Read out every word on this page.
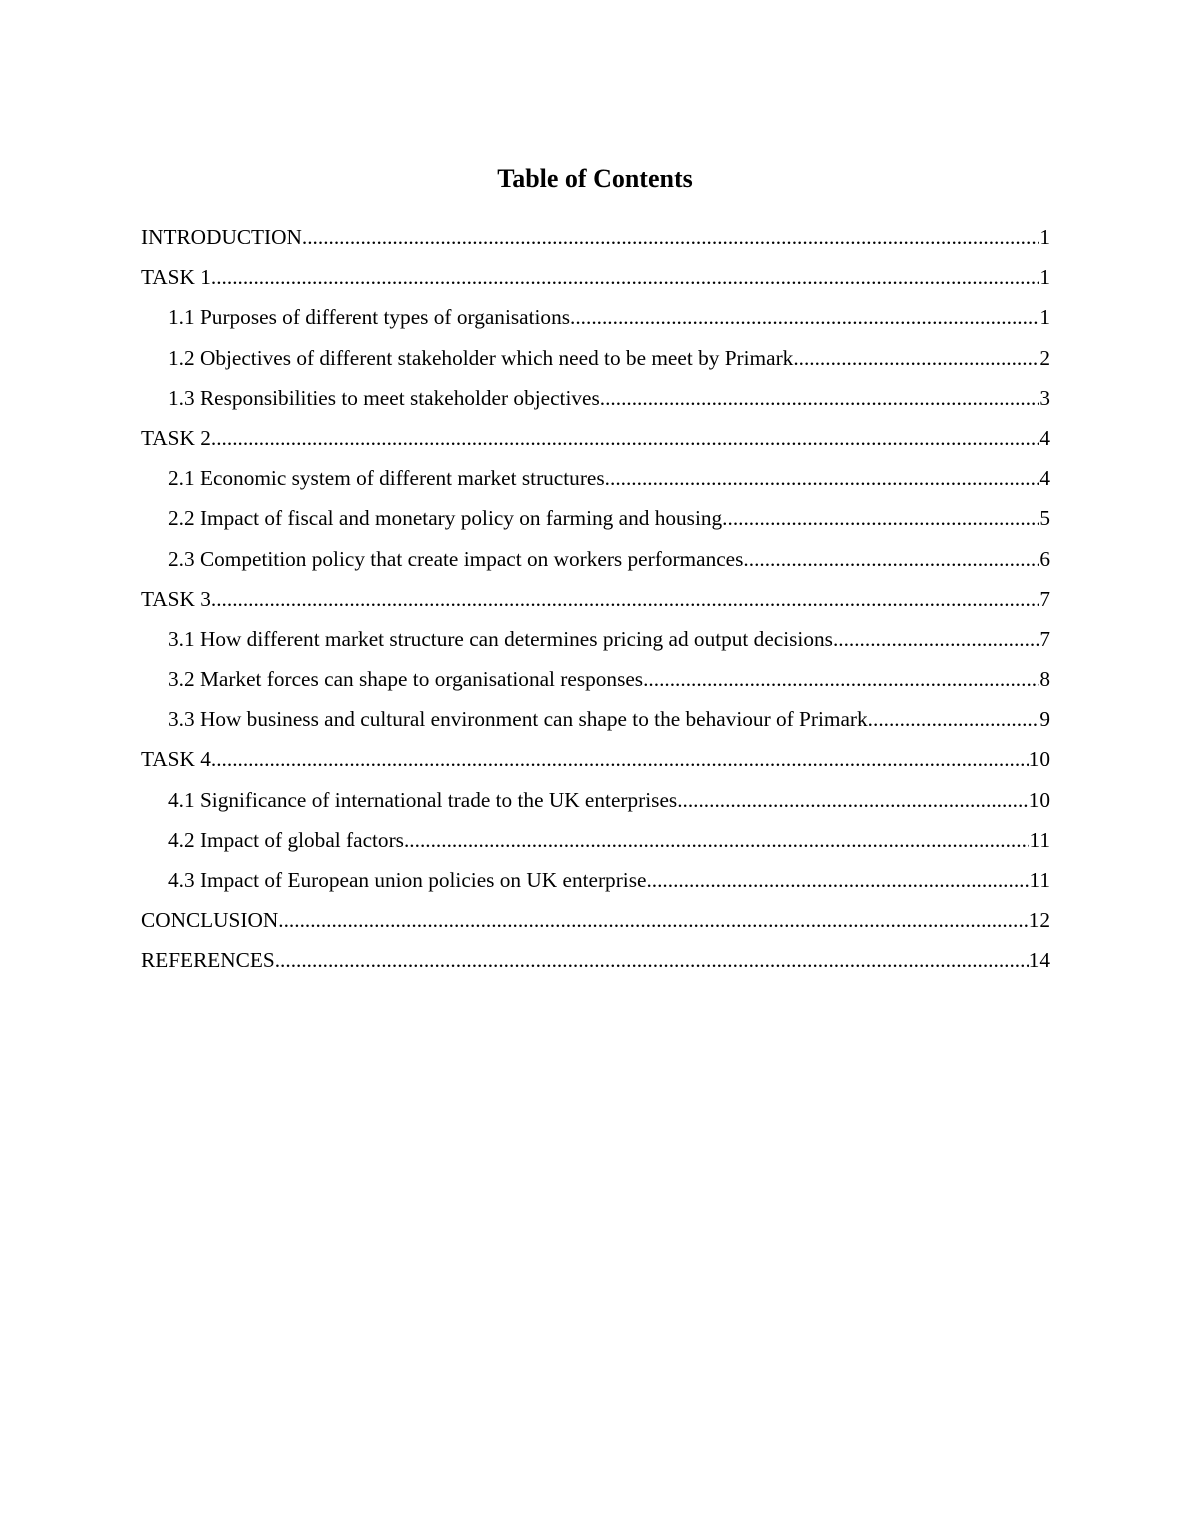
Table of Contents
INTRODUCTION .....	1
TASK 1 .....	1
1.1 Purposes of different types of organisations .....	1
1.2 Objectives of different stakeholder which need to be meet by Primark .....	2
1.3 Responsibilities to meet stakeholder objectives .....	3
TASK 2 .....	4
2.1 Economic system of different market structures .....	4
2.2 Impact of fiscal and monetary policy on farming and housing .....	5
2.3 Competition policy that create impact on workers performances .....	6
TASK 3 .....	7
3.1 How different market structure can determines pricing ad output decisions .....	7
3.2 Market forces can shape to organisational responses .....	8
3.3 How business and cultural environment can shape to the behaviour of Primark .....	9
TASK 4 .....	10
4.1 Significance of international trade to the UK enterprises .....	10
4.2 Impact of global factors .....	11
4.3 Impact of European union policies on UK enterprise .....	11
CONCLUSION .....	12
REFERENCES .....	14
